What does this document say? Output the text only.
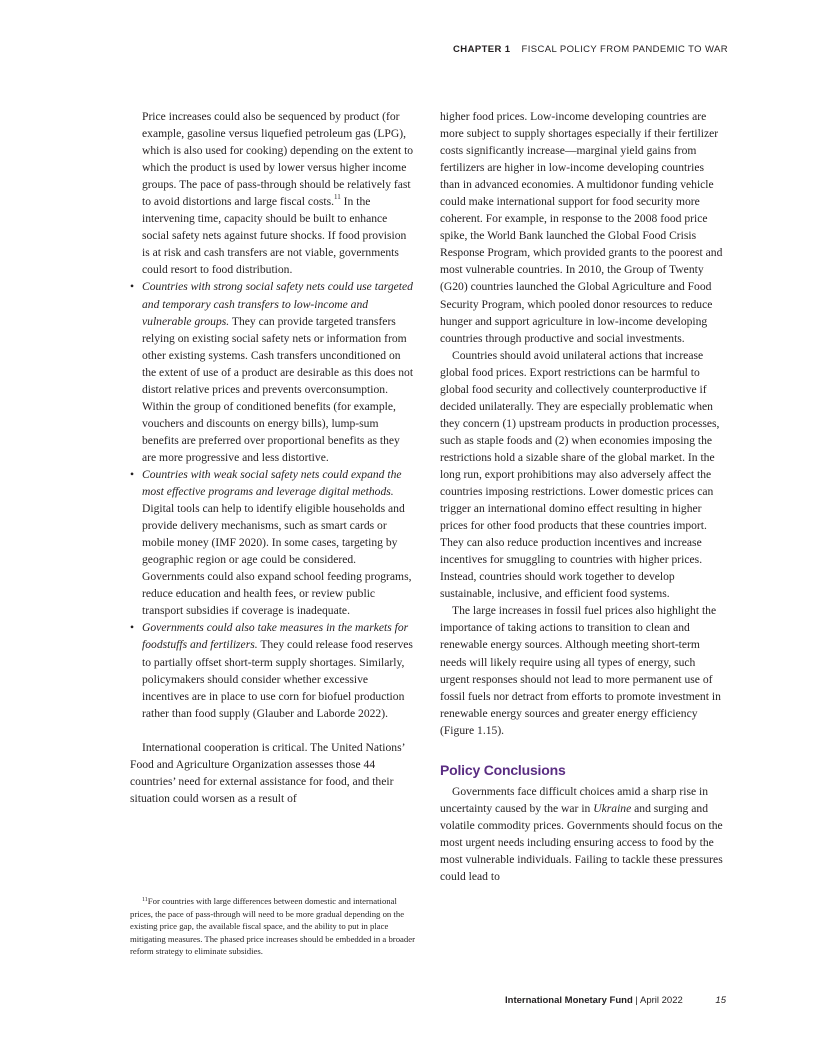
CHAPTER 1 FISCAL POLICY FROM PANDEMIC TO WAR

Price increases could also be sequenced by product (for example, gasoline versus liquefied petroleum gas (LPG), which is also used for cooking) depending on the extent to which the product is used by lower versus higher income groups. The pace of pass-through should be relatively fast to avoid distortions and large fiscal costs.$^{11}$ In the intervening time, capacity should be built to enhance social safety nets against future shocks. If food provision is at risk and cash transfers are not viable, governments could resort to food distribution.

• Countries with strong social safety nets could use targeted and temporary cash transfers to low-income and vulnerable groups. They can provide targeted transfers relying on existing social safety nets or information from other existing systems. Cash transfers unconditioned on the extent of use of a product are desirable as this does not distort relative prices and prevents overconsumption. Within the group of conditioned benefits (for example, vouchers and discounts on energy bills), lump-sum benefits are preferred over proportional benefits as they are more progressive and less distortive.
• Countries with weak social safety nets could expand the most effective programs and leverage digital methods. Digital tools can help to identify eligible households and provide delivery mechanisms, such as smart cards or mobile money (IMF 2020). In some cases, targeting by geographic region or age could be considered. Governments could also expand school feeding programs, reduce education and health fees, or review public transport subsidies if coverage is inadequate.
• Governments could also take measures in the markets for foodstuffs and fertilizers. They could release food reserves to partially offset short-term supply shortages. Similarly, policymakers should consider whether excessive incentives are in place to use corn for biofuel production rather than food supply (Glauber and Laborde 2022).

International cooperation is critical. The United Nations’ Food and Agriculture Organization assesses those 44 countries’ need for external assistance for food, and their situation could worsen as a result of

$^{11}$For countries with large differences between domestic and international prices, the pace of pass-through will need to be more gradual depending on the existing price gap, the available fiscal space, and the ability to put in place mitigating measures. The phased price increases should be embedded in a broader reform strategy to eliminate subsidies.

higher food prices. Low-income developing countries are more subject to supply shortages especially if their fertilizer costs significantly increase—marginal yield gains from fertilizers are higher in low-income developing countries than in advanced economies. A multidonor funding vehicle could make international support for food security more coherent. For example, in response to the 2008 food price spike, the World Bank launched the Global Food Crisis Response Program, which provided grants to the poorest and most vulnerable countries. In 2010, the Group of Twenty (G20) countries launched the Global Agriculture and Food Security Program, which pooled donor resources to reduce hunger and support agriculture in low-income developing countries through productive and social investments.

Countries should avoid unilateral actions that increase global food prices. Export restrictions can be harmful to global food security and collectively counterproductive if decided unilaterally. They are especially problematic when they concern (1) upstream products in production processes, such as staple foods and (2) when economies imposing the restrictions hold a sizable share of the global market. In the long run, export prohibitions may also adversely affect the countries imposing restrictions. Lower domestic prices can trigger an international domino effect resulting in higher prices for other food products that these countries import. They can also reduce production incentives and increase incentives for smuggling to countries with higher prices. Instead, countries should work together to develop sustainable, inclusive, and efficient food systems.

The large increases in fossil fuel prices also highlight the importance of taking actions to transition to clean and renewable energy sources. Although meeting short-term needs will likely require using all types of energy, such urgent responses should not lead to more permanent use of fossil fuels nor detract from efforts to promote investment in renewable energy sources and greater energy efficiency (Figure 1.15).

Policy Conclusions

Governments face difficult choices amid a sharp rise in uncertainty caused by the war in Ukraine and surging and volatile commodity prices. Governments should focus on the most urgent needs including ensuring access to food by the most vulnerable individuals. Failing to tackle these pressures could lead to

International Monetary Fund | April 2022	15
